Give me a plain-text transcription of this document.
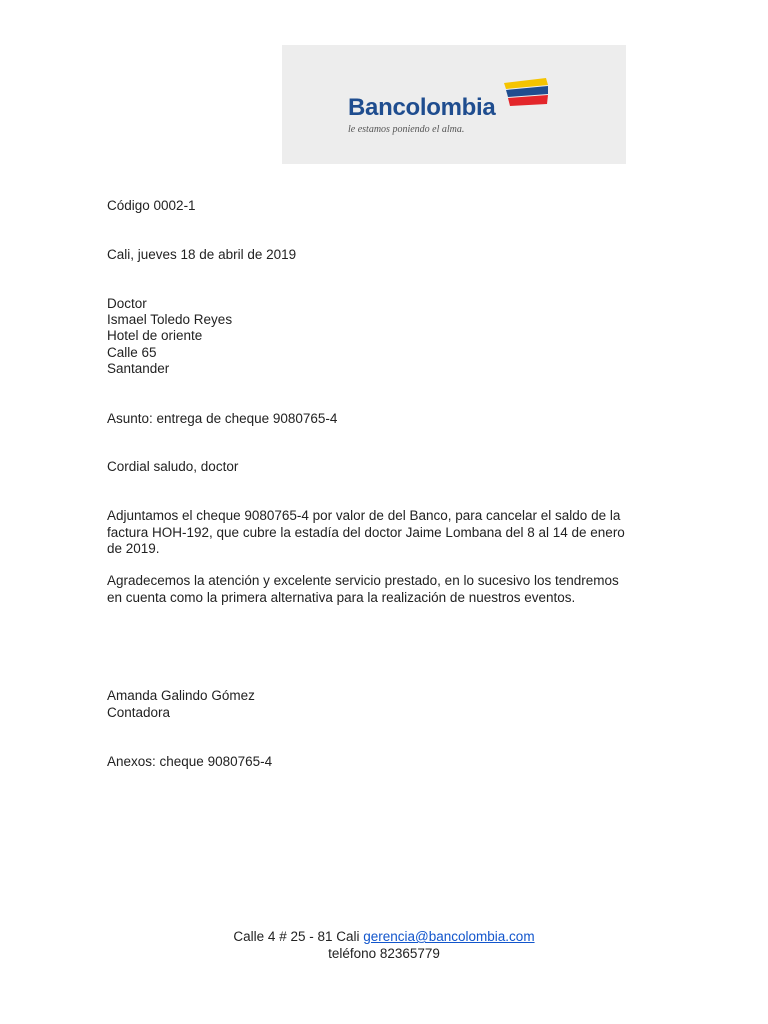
Bancolombia
le estamos poniendo el alma.
Código 0002-1
Cali, jueves 18 de abril de 2019
Doctor
Ismael Toledo Reyes
Hotel de oriente
Calle 65
Santander
Asunto: entrega de cheque 9080765-4
Cordial saludo, doctor
Adjuntamos el cheque 9080765-4 por valor de del Banco, para cancelar el saldo de la factura HOH-192, que cubre la estadía del doctor Jaime Lombana del 8 al 14 de enero de 2019.
Agradecemos la atención y excelente servicio prestado, en lo sucesivo los tendremos en cuenta como la primera alternativa para la realización de nuestros eventos.
Amanda Galindo Gómez
Contadora
Anexos: cheque 9080765-4
Calle 4 # 25 - 81 Cali gerencia@bancolombia.com
teléfono 82365779
